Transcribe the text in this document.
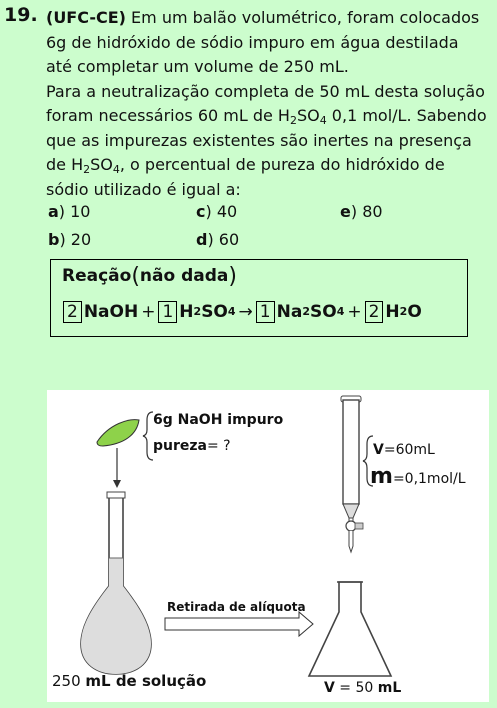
19. (UFC-CE) Em um balão volumétrico, foram colocados
6g de hidróxido de sódio impuro em água destilada
até completar um volume de 250 mL.
Para a neutralização completa de 50 mL desta solução
foram necessários 60 mL de $H_2SO_4$ 0,1 mol/L. Sabendo
que as impurezas existentes são inertes na presença
de $H_2SO_4$, o percentual de pureza do hidróxido de
sódio utilizado é igual a:
a) 10	c) 40	e) 80
b) 20	d) 60
Reação(não dada)
2 NaOH + 1 H 2 SO 4 → 1 Na 2 SO 4 + 2 H 2 O
6g NaOH impuro
pureza= ?	V=60mL
m=0,1mol/L
Retirada de alíquota
250 mL de solução	V = 50 mL
